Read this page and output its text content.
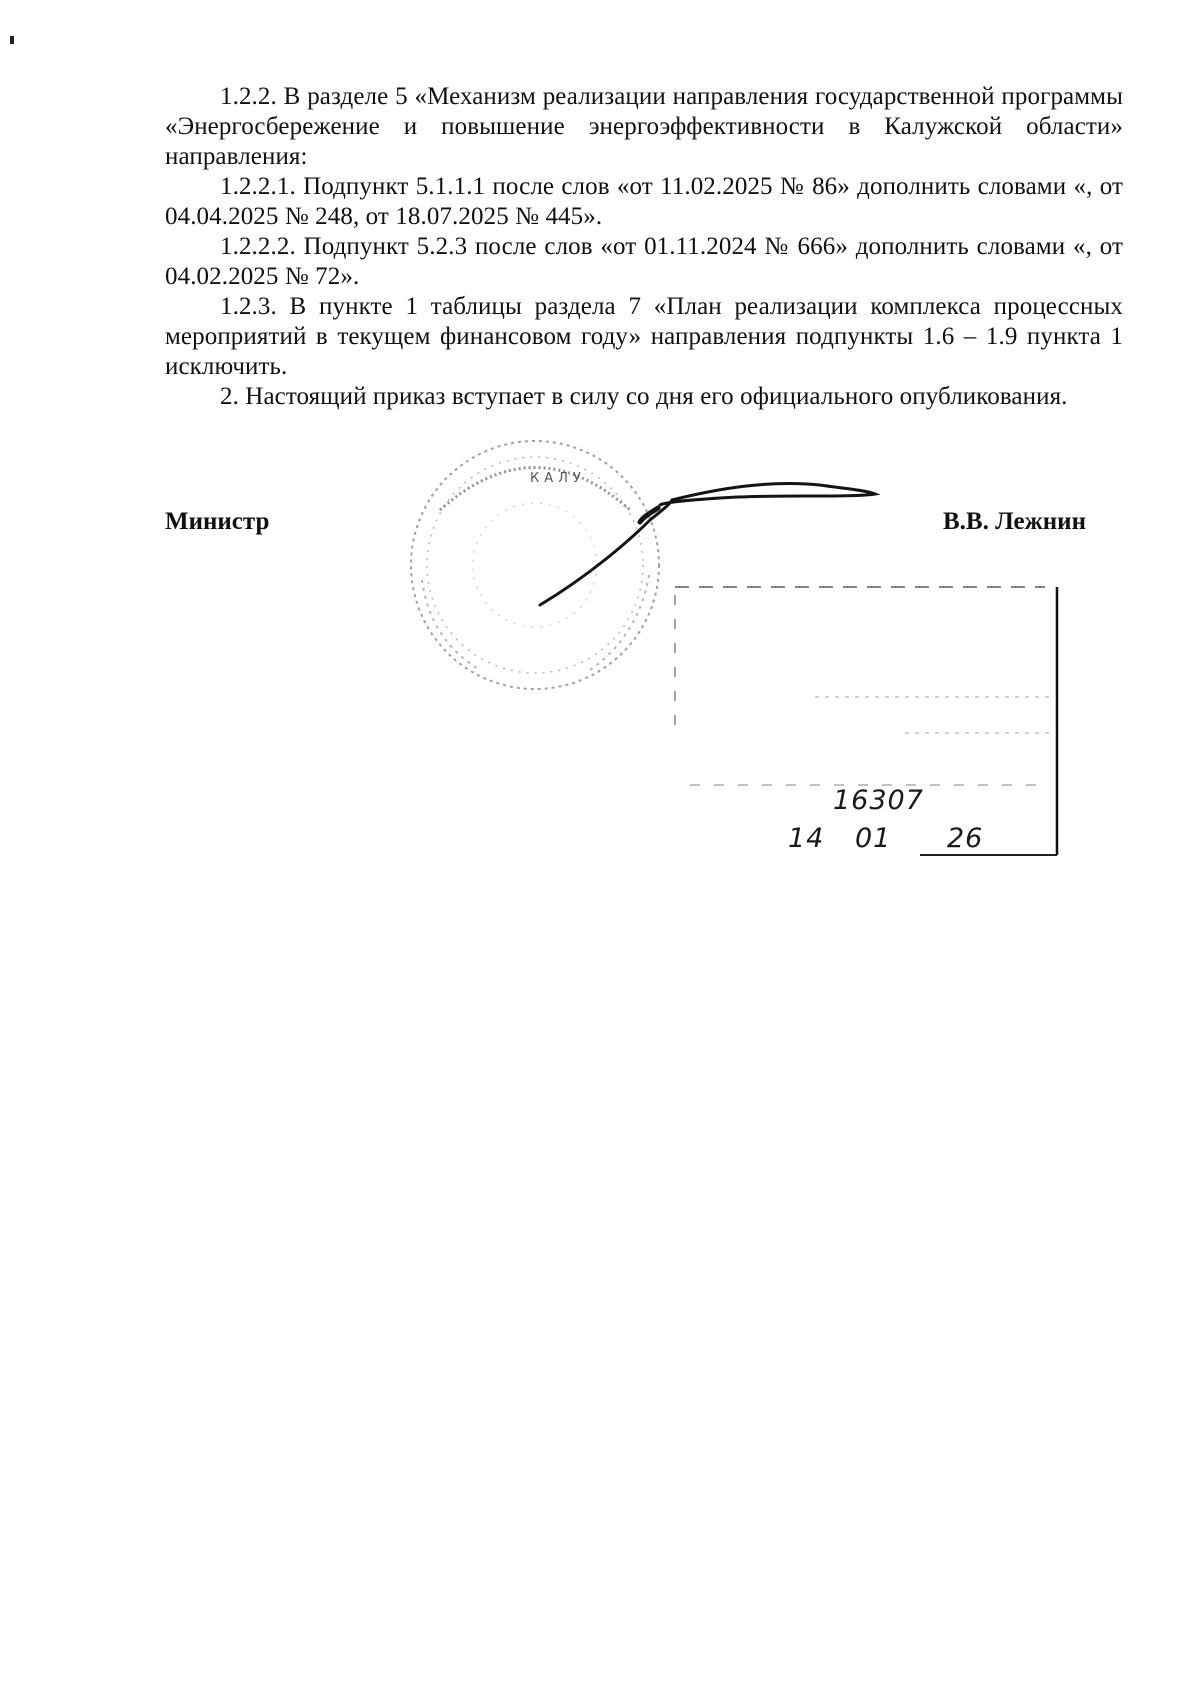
1.2.2. В разделе 5 «Механизм реализации направления государственной программы «Энергосбережение и повышение энергоэффективности в Калужской области» направления:

1.2.2.1. Подпункт 5.1.1.1 после слов «от 11.02.2025 № 86» дополнить словами «, от 04.04.2025 № 248, от 18.07.2025 № 445».

1.2.2.2. Подпункт 5.2.3 после слов «от 01.11.2024 № 666» дополнить словами «, от 04.02.2025 № 72».

1.2.3. В пункте 1 таблицы раздела 7 «План реализации комплекса процессных мероприятий в текущем финансовом году» направления подпункты 1.6 – 1.9 пункта 1 исключить.

2. Настоящий приказ вступает в силу со дня его официального опубликования.

КАЛУ
Министр	В.В. Лежнин
16307
14 01 26
